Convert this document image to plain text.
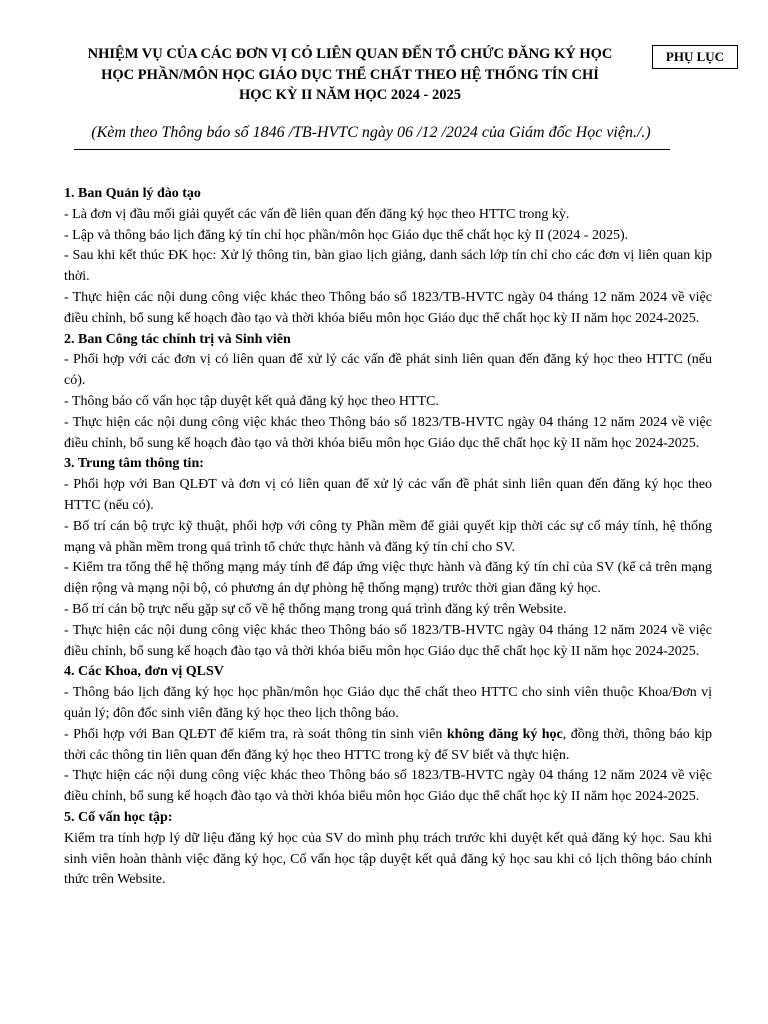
PHỤ LỤC
NHIỆM VỤ CỦA CÁC ĐƠN VỊ CÓ LIÊN QUAN ĐẾN TỔ CHỨC ĐĂNG KÝ HỌC
HỌC PHẦN/MÔN HỌC GIÁO DỤC THỂ CHẤT THEO HỆ THỐNG TÍN CHỈ
HỌC KỲ II NĂM HỌC 2024 - 2025
(Kèm theo Thông báo số 1846 /TB-HVTC ngày 06 /12 /2024 của Giám đốc Học viện./.)

1. Ban Quản lý đào tạo

- Là đơn vị đầu mối giải quyết các vấn đề liên quan đến đăng ký học theo HTTC trong kỳ.

- Lập và thông báo lịch đăng ký tín chỉ học phần/môn học Giáo dục thể chất học kỳ II (2024 - 2025).

- Sau khi kết thúc ĐK học: Xử lý thông tin, bàn giao lịch giảng, danh sách lớp tín chỉ cho các đơn vị liên quan kịp thời.

- Thực hiện các nội dung công việc khác theo Thông báo số 1823/TB-HVTC ngày 04 tháng 12 năm 2024 về việc điều chỉnh, bổ sung kế hoạch đào tạo và thời khóa biểu môn học Giáo dục thể chất học kỳ II năm học 2024-2025.

2. Ban Công tác chính trị và Sinh viên

- Phối hợp với các đơn vị có liên quan để xử lý các vấn đề phát sinh liên quan đến đăng ký học theo HTTC (nếu có).

- Thông báo cố vấn học tập duyệt kết quả đăng ký học theo HTTC.

- Thực hiện các nội dung công việc khác theo Thông báo số 1823/TB-HVTC ngày 04 tháng 12 năm 2024 về việc điều chỉnh, bổ sung kế hoạch đào tạo và thời khóa biểu môn học Giáo dục thể chất học kỳ II năm học 2024-2025.

3. Trung tâm thông tin:

- Phối hợp với Ban QLĐT và đơn vị có liên quan để xử lý các vấn đề phát sinh liên quan đến đăng ký học theo HTTC (nếu có).

- Bố trí cán bộ trực kỹ thuật, phối hợp với công ty Phần mềm để giải quyết kịp thời các sự cố máy tính, hệ thống mạng và phần mềm trong quá trình tổ chức thực hành và đăng ký tín chỉ cho SV.

- Kiểm tra tổng thể hệ thống mạng máy tính để đáp ứng việc thực hành và đăng ký tín chỉ của SV (kể cả trên mạng diện rộng và mạng nội bộ, có phương án dự phòng hệ thống mạng) trước thời gian đăng ký học.

- Bố trí cán bộ trực nếu gặp sự cố về hệ thống mạng trong quá trình đăng ký trên Website.

- Thực hiện các nội dung công việc khác theo Thông báo số 1823/TB-HVTC ngày 04 tháng 12 năm 2024 về việc điều chỉnh, bổ sung kế hoạch đào tạo và thời khóa biểu môn học Giáo dục thể chất học kỳ II năm học 2024-2025.

4. Các Khoa, đơn vị QLSV

- Thông báo lịch đăng ký học học phần/môn học Giáo dục thể chất theo HTTC cho sinh viên thuộc Khoa/Đơn vị quản lý; đôn đốc sinh viên đăng ký học theo lịch thông báo.

- Phối hợp với Ban QLĐT để kiểm tra, rà soát thông tin sinh viên không đăng ký học, đồng thời, thông báo kịp thời các thông tin liên quan đến đăng ký học theo HTTC trong kỳ để SV biết và thực hiện.

- Thực hiện các nội dung công việc khác theo Thông báo số 1823/TB-HVTC ngày 04 tháng 12 năm 2024 về việc điều chỉnh, bổ sung kế hoạch đào tạo và thời khóa biểu môn học Giáo dục thể chất học kỳ II năm học 2024-2025.

5. Cố vấn học tập:

Kiểm tra tính hợp lý dữ liệu đăng ký học của SV do mình phụ trách trước khi duyệt kết quả đăng ký học. Sau khi sinh viên hoàn thành việc đăng ký học, Cố vấn học tập duyệt kết quả đăng ký học sau khi có lịch thông báo chính thức trên Website.
